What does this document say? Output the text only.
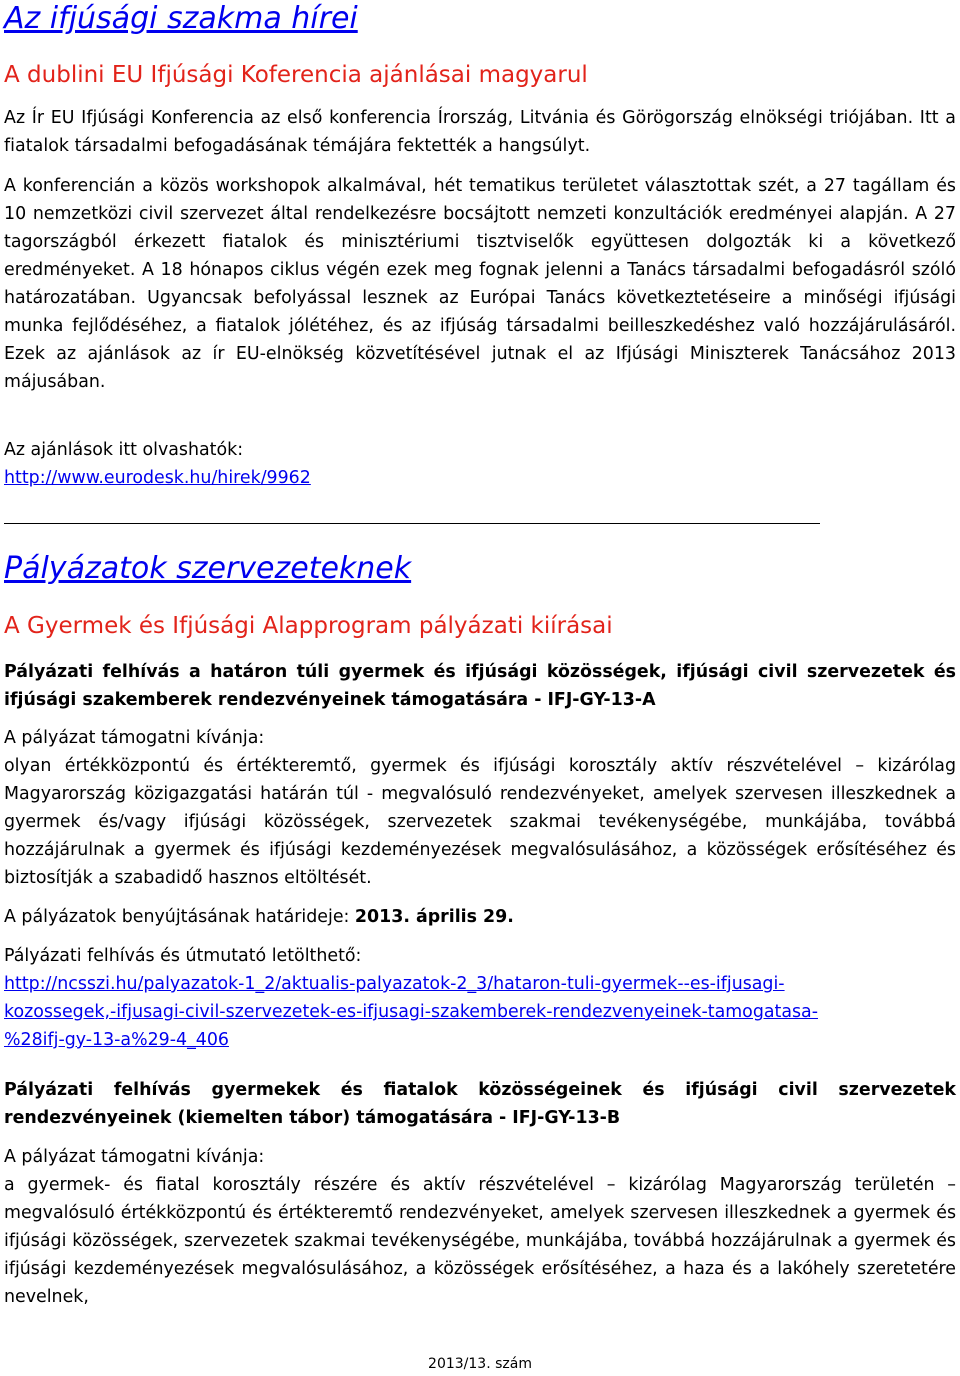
Az ifjúsági szakma hírei

A dublini EU Ifjúsági Koferencia ajánlásai magyarul

Az Ír EU Ifjúsági Konferencia az első konferencia Írország, Litvánia és Görögország elnökségi triójában. Itt a fiatalok társadalmi befogadásának témájára fektették a hangsúlyt.

A konferencián a közös workshopok alkalmával, hét tematikus területet választottak szét, a 27 tagállam és 10 nemzetközi civil szervezet által rendelkezésre bocsájtott nemzeti konzultációk eredményei alapján. A 27 tagországból érkezett fiatalok és minisztériumi tisztviselők együttesen dolgozták ki a következő eredményeket. A 18 hónapos ciklus végén ezek meg fognak jelenni a Tanács társadalmi befogadásról szóló határozatában. Ugyancsak befolyással lesznek az Európai Tanács következtetéseire a minőségi ifjúsági munka fejlődéséhez, a fiatalok jólétéhez, és az ifjúság társadalmi beilleszkedéshez való hozzájárulásáról. Ezek az ajánlások az ír EU-elnökség közvetítésével jutnak el az Ifjúsági Miniszterek Tanácsához 2013 májusában.

Az ajánlások itt olvashatók:

http://www.eurodesk.hu/hirek/9962
Pályázatok szervezeteknek

A Gyermek és Ifjúsági Alapprogram pályázati kiírásai

Pályázati felhívás a határon túli gyermek és ifjúsági közösségek, ifjúsági civil szervezetek és ifjúsági szakemberek rendezvényeinek támogatására - IFJ-GY-13-A

A pályázat támogatni kívánja:

olyan értékközpontú és értékteremtő, gyermek és ifjúsági korosztály aktív részvételével – kizárólag Magyarország közigazgatási határán túl - megvalósuló rendezvényeket, amelyek szervesen illeszkednek a gyermek és/vagy ifjúsági közösségek, szervezetek szakmai tevékenységébe, munkájába, továbbá hozzájárulnak a gyermek és ifjúsági kezdeményezések megvalósulásához, a közösségek erősítéséhez és biztosítják a szabadidő hasznos eltöltését.

A pályázatok benyújtásának határideje: 2013. április 29.

Pályázati felhívás és útmutató letölthető:

http://ncsszi.hu/palyazatok-1_2/aktualis-palyazatok-2_3/hataron-tuli-gyermek--es-ifjusagi-
kozossegek,-ifjusagi-civil-szervezetek-es-ifjusagi-szakemberek-rendezvenyeinek-tamogatasa-
%28ifj-gy-13-a%29-4_406

Pályázati felhívás gyermekek és fiatalok közösségeinek és ifjúsági civil szervezetek rendezvényeinek (kiemelten tábor) támogatására - IFJ-GY-13-B

A pályázat támogatni kívánja:

a gyermek- és fiatal korosztály részére és aktív részvételével – kizárólag Magyarország területén – megvalósuló értékközpontú és értékteremtő rendezvényeket, amelyek szervesen illeszkednek a gyermek és ifjúsági közösségek, szervezetek szakmai tevékenységébe, munkájába, továbbá hozzájárulnak a gyermek és ifjúsági kezdeményezések megvalósulásához, a közösségek erősítéséhez, a haza és a lakóhely szeretetére nevelnek,

2013/13. szám
